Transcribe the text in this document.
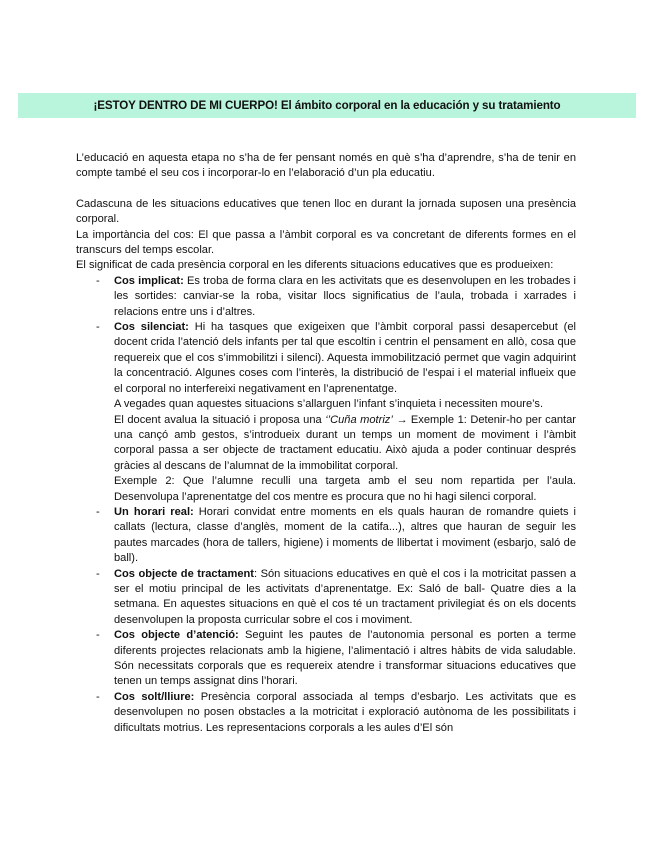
¡ESTOY DENTRO DE MI CUERPO! El ámbito corporal en la educación y su tratamiento

L’educació en aquesta etapa no s’ha de fer pensant només en què s’ha d’aprendre, s’ha de tenir en compte també el seu cos i incorporar-lo en l’elaboració d’un pla educatiu.

Cadascuna de les situacions educatives que tenen lloc en durant la jornada suposen una presència corporal.

La importància del cos: El que passa a l’àmbit corporal es va concretant de diferents formes en el transcurs del temps escolar.

El significat de cada presència corporal en les diferents situacions educatives que es produeixen:

- Cos implicat: Es troba de forma clara en les activitats que es desenvolupen en les trobades i les sortides: canviar-se la roba, visitar llocs significatius de l’aula, trobada i xarrades i relacions entre uns i d’altres.

- Cos silenciat: Hi ha tasques que exigeixen que l’àmbit corporal passi desapercebut (el docent crida l’atenció dels infants per tal que escoltin i centrin el pensament en allò, cosa que requereix que el cos s’immobilitzi i silenci). Aquesta immobilització permet que vagin adquirint la concentració. Algunes coses com l’interès, la distribució de l’espai i el material influeix que el corporal no interfereixi negativament en l’aprenentatge.

A vegades quan aquestes situacions s’allarguen l’infant s’inquieta i necessiten moure’s.

El docent avalua la situació i proposa una ‘’Cuña motriz’ → Exemple 1: Detenir-ho per cantar una cançó amb gestos, s’introdueix durant un temps un moment de moviment i l’àmbit corporal passa a ser objecte de tractament educatiu. Això ajuda a poder continuar després gràcies al descans de l’alumnat de la immobilitat corporal.

Exemple 2: Que l’alumne reculli una targeta amb el seu nom repartida per l’aula. Desenvolupa l’aprenentatge del cos mentre es procura que no hi hagi silenci corporal.

- Un horari real: Horari convidat entre moments en els quals hauran de romandre quiets i callats (lectura, classe d’anglès, moment de la catifa...), altres que hauran de seguir les pautes marcades (hora de tallers, higiene) i moments de llibertat i moviment (esbarjo, saló de ball).

- Cos objecte de tractament: Són situacions educatives en què el cos i la motricitat passen a ser el motiu principal de les activitats d’aprenentatge. Ex: Saló de ball- Quatre dies a la setmana. En aquestes situacions en què el cos té un tractament privilegiat és on els docents desenvolupen la proposta curricular sobre el cos i moviment.

- Cos objecte d’atenció: Seguint les pautes de l’autonomia personal es porten a terme diferents projectes relacionats amb la higiene, l’alimentació i altres hàbits de vida saludable. Són necessitats corporals que es requereix atendre i transformar situacions educatives que tenen un temps assignat dins l’horari.

- Cos solt/lliure: Presència corporal associada al temps d’esbarjo. Les activitats que es desenvolupen no posen obstacles a la motricitat i exploració autònoma de les possibilitats i dificultats motrius. Les representacions corporals a les aules d’El són
